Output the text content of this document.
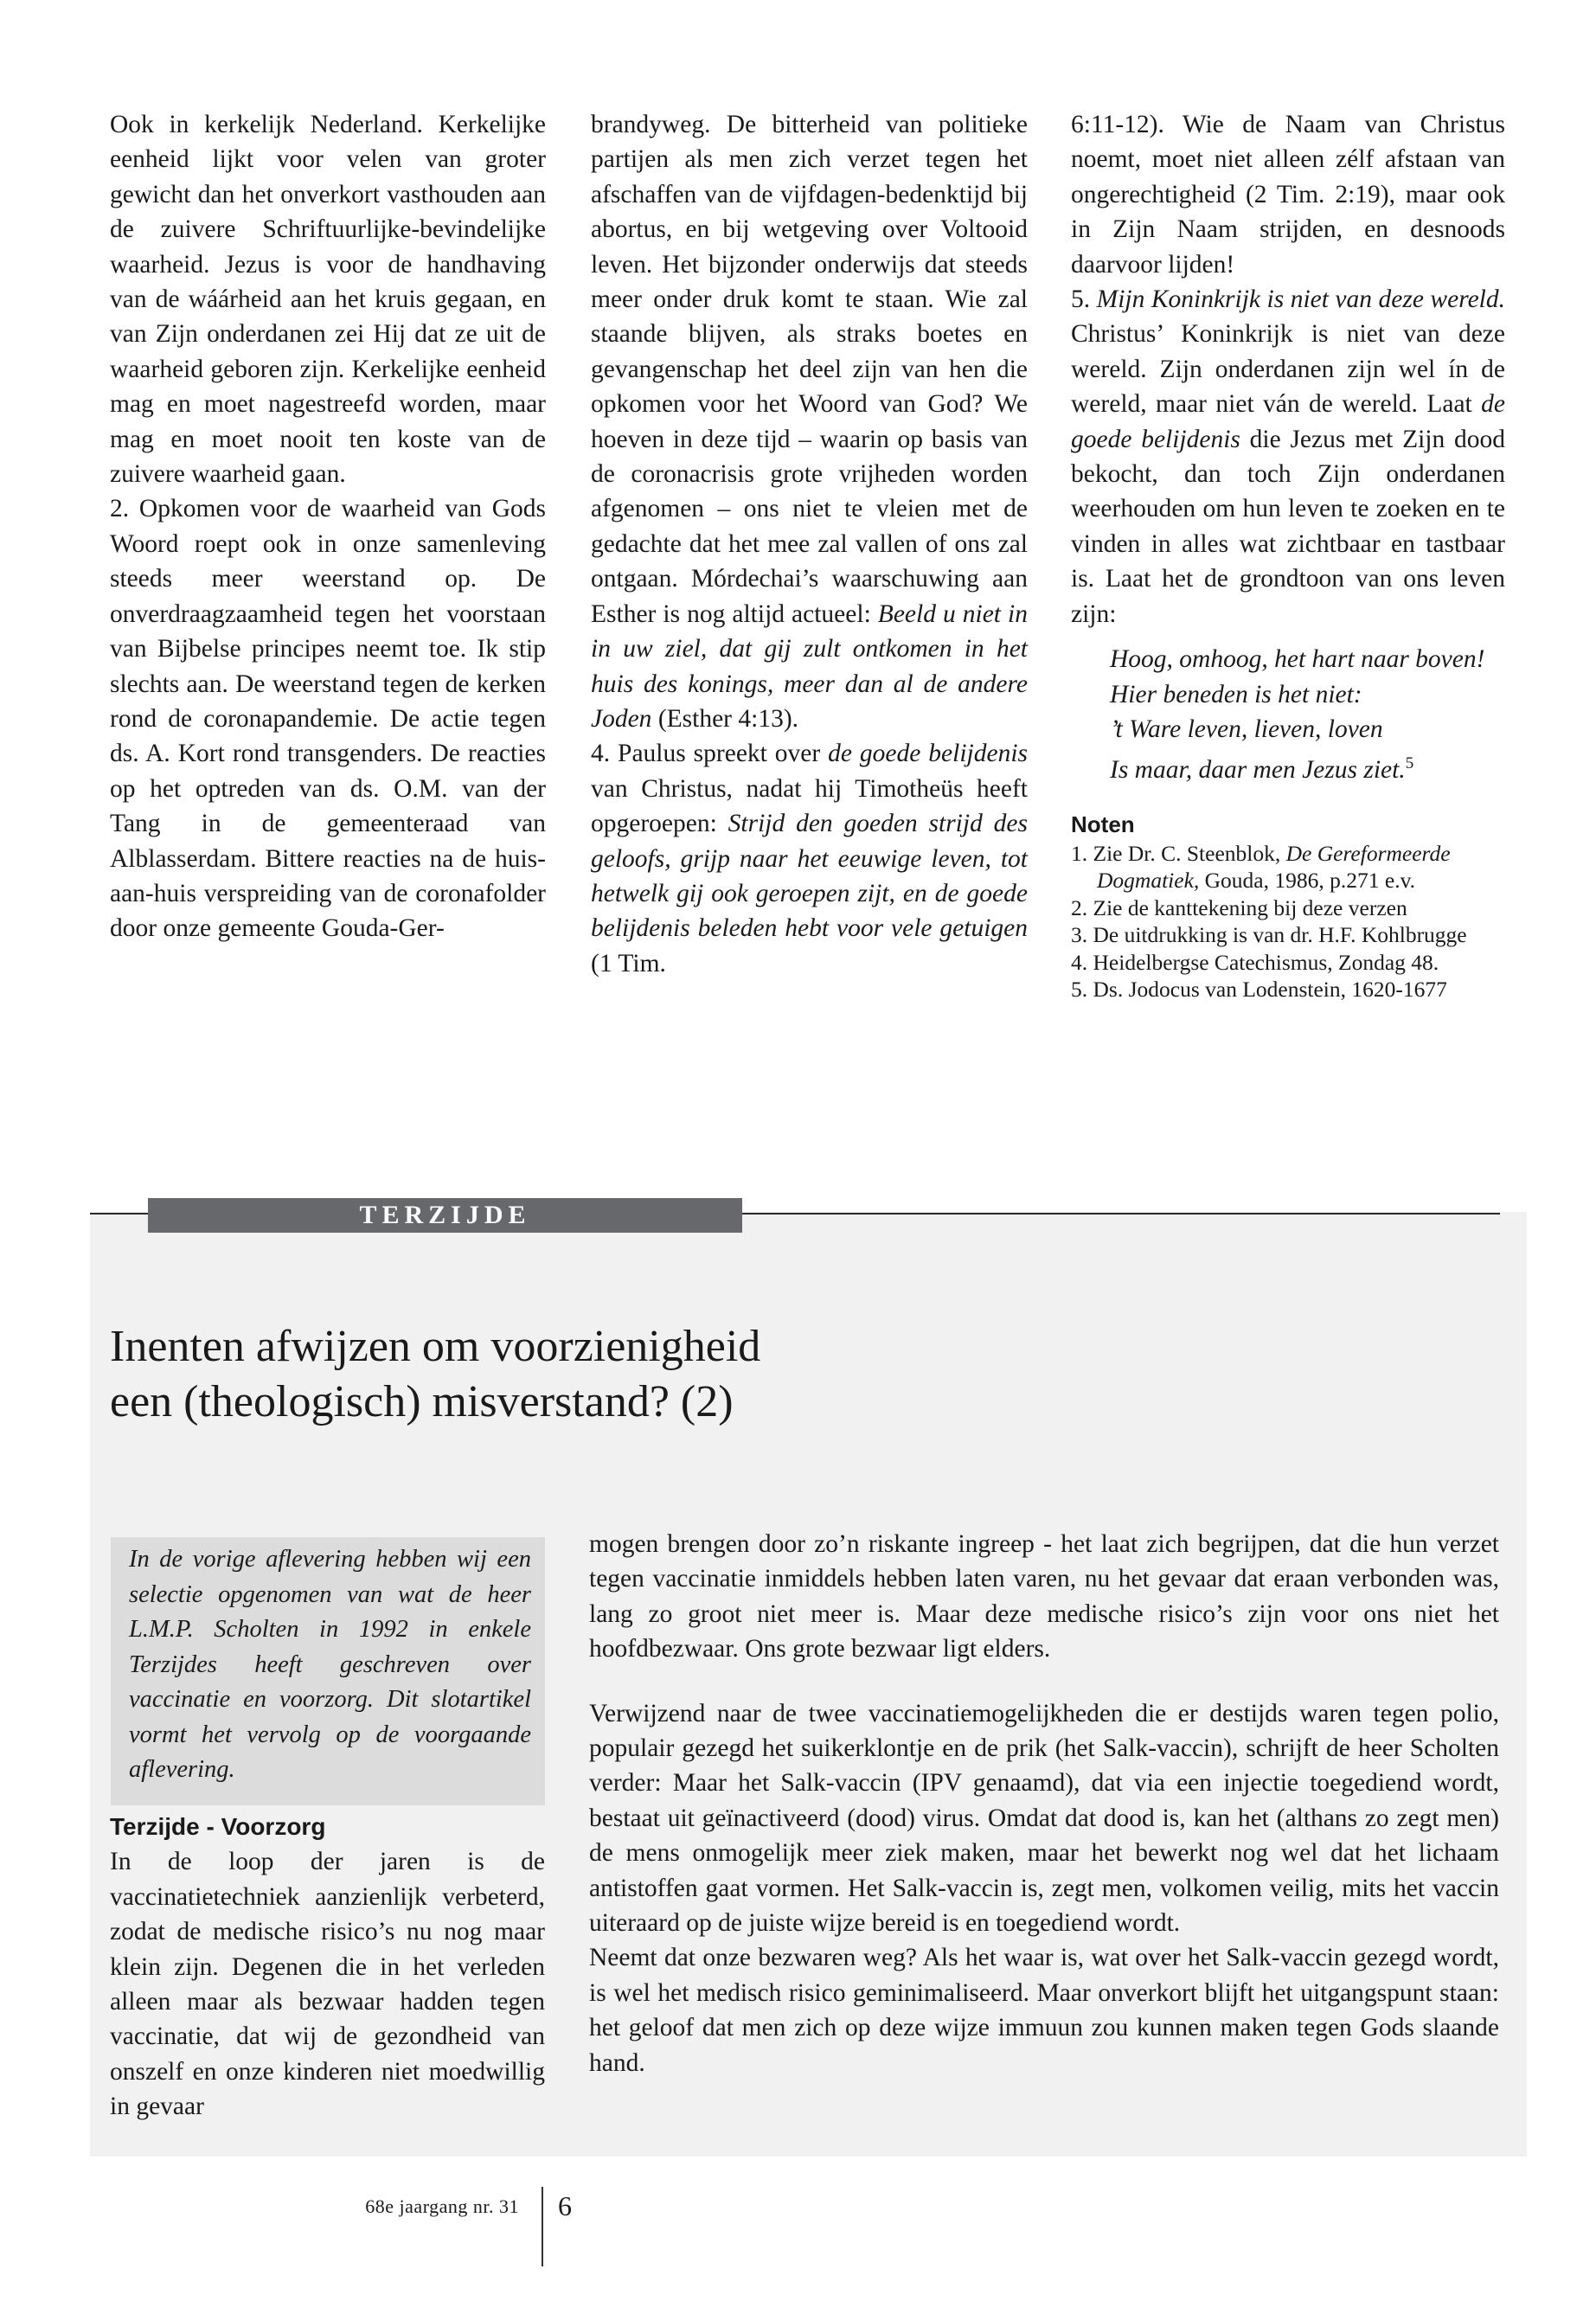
Ook in kerkelijk Nederland. Kerkelijke eenheid lijkt voor velen van groter gewicht dan het onverkort vasthouden aan de zuivere Schriftuurlijke-bevindelijke waarheid. Jezus is voor de handhaving van de wáárheid aan het kruis gegaan, en van Zijn onderdanen zei Hij dat ze uit de waarheid geboren zijn. Kerkelijke eenheid mag en moet nagestreefd worden, maar mag en moet nooit ten koste van de zuivere waarheid gaan.

2. Opkomen voor de waarheid van Gods Woord roept ook in onze samenleving steeds meer weerstand op. De onverdraagzaamheid tegen het voorstaan van Bijbelse principes neemt toe. Ik stip slechts aan. De weerstand tegen de kerken rond de coronapandemie. De actie tegen ds. A. Kort rond transgenders. De reacties op het optreden van ds. O.M. van der Tang in de gemeenteraad van Alblasserdam. Bittere reacties na de huis-aan-huis verspreiding van de coronafolder door onze gemeente Gouda-Ger-

brandyweg. De bitterheid van politieke partijen als men zich verzet tegen het afschaffen van de vijfdagen-bedenktijd bij abortus, en bij wetgeving over Voltooid leven. Het bijzonder onderwijs dat steeds meer onder druk komt te staan. Wie zal staande blijven, als straks boetes en gevangenschap het deel zijn van hen die opkomen voor het Woord van God? We hoeven in deze tijd – waarin op basis van de coronacrisis grote vrijheden worden afgenomen – ons niet te vleien met de gedachte dat het mee zal vallen of ons zal ontgaan. Mórdechai’s waarschuwing aan Esther is nog altijd actueel: Beeld u niet in in uw ziel, dat gij zult ontkomen in het huis des konings, meer dan al de andere Joden (Esther 4:13).

4. Paulus spreekt over de goede belijdenis van Christus, nadat hij Timotheüs heeft opgeroepen: Strijd den goeden strijd des geloofs, grijp naar het eeuwige leven, tot hetwelk gij ook geroepen zijt, en de goede belijdenis beleden hebt voor vele getuigen (1 Tim.

6:11-12). Wie de Naam van Christus noemt, moet niet alleen zélf afstaan van ongerechtigheid (2 Tim. 2:19), maar ook in Zijn Naam strijden, en desnoods daarvoor lijden!

5. Mijn Koninkrijk is niet van deze wereld. Christus’ Koninkrijk is niet van deze wereld. Zijn onderdanen zijn wel ín de wereld, maar niet ván de wereld. Laat de goede belijdenis die Jezus met Zijn dood bekocht, dan toch Zijn onderdanen weerhouden om hun leven te zoeken en te vinden in alles wat zichtbaar en tastbaar is. Laat het de grondtoon van ons leven zijn:

Hoog, omhoog, het hart naar boven!
Hier beneden is het niet:
’t Ware leven, lieven, loven
Is maar, daar men Jezus ziet.$^5$
Noten
1. Zie Dr. C. Steenblok, De Gereformeerde Dogmatiek, Gouda, 1986, p.271 e.v.
2. Zie de kanttekening bij deze verzen
3. De uitdrukking is van dr. H.F. Kohlbrugge
4. Heidelbergse Catechismus, Zondag 48.
5. Ds. Jodocus van Lodenstein, 1620-1677
TERZIJDE
Inenten afwijzen om voorzienigheid
een (theologisch) misverstand? (2)

In de vorige aflevering hebben wij een selectie opgenomen van wat de heer L.M.P. Scholten in 1992 in enkele Terzijdes heeft geschreven over vaccinatie en voorzorg. Dit slotartikel vormt het vervolg op de voorgaande aflevering.

Terzijde - Voorzorg

In de loop der jaren is de vaccinatietechniek aanzienlijk verbeterd, zodat de medische risico’s nu nog maar klein zijn. Degenen die in het verleden alleen maar als bezwaar hadden tegen vaccinatie, dat wij de gezondheid van onszelf en onze kinderen niet moedwillig in gevaar

mogen brengen door zo’n riskante ingreep - het laat zich begrijpen, dat die hun verzet tegen vaccinatie inmiddels hebben laten varen, nu het gevaar dat eraan verbonden was, lang zo groot niet meer is. Maar deze medische risico’s zijn voor ons niet het hoofdbezwaar. Ons grote bezwaar ligt elders.

Verwijzend naar de twee vaccinatiemogelijkheden die er destijds waren tegen polio, populair gezegd het suikerklontje en de prik (het Salk-vaccin), schrijft de heer Scholten verder: Maar het Salk-vaccin (IPV genaamd), dat via een injectie toegediend wordt, bestaat uit geïnactiveerd (dood) virus. Omdat dat dood is, kan het (althans zo zegt men) de mens onmogelijk meer ziek maken, maar het bewerkt nog wel dat het lichaam antistoffen gaat vormen. Het Salk-vaccin is, zegt men, volkomen veilig, mits het vaccin uiteraard op de juiste wijze bereid is en toegediend wordt.

Neemt dat onze bezwaren weg? Als het waar is, wat over het Salk-vaccin gezegd wordt, is wel het medisch risico geminimaliseerd. Maar onverkort blijft het uitgangspunt staan: het geloof dat men zich op deze wijze immuun zou kunnen maken tegen Gods slaande hand.

68e jaargang nr. 31 6
